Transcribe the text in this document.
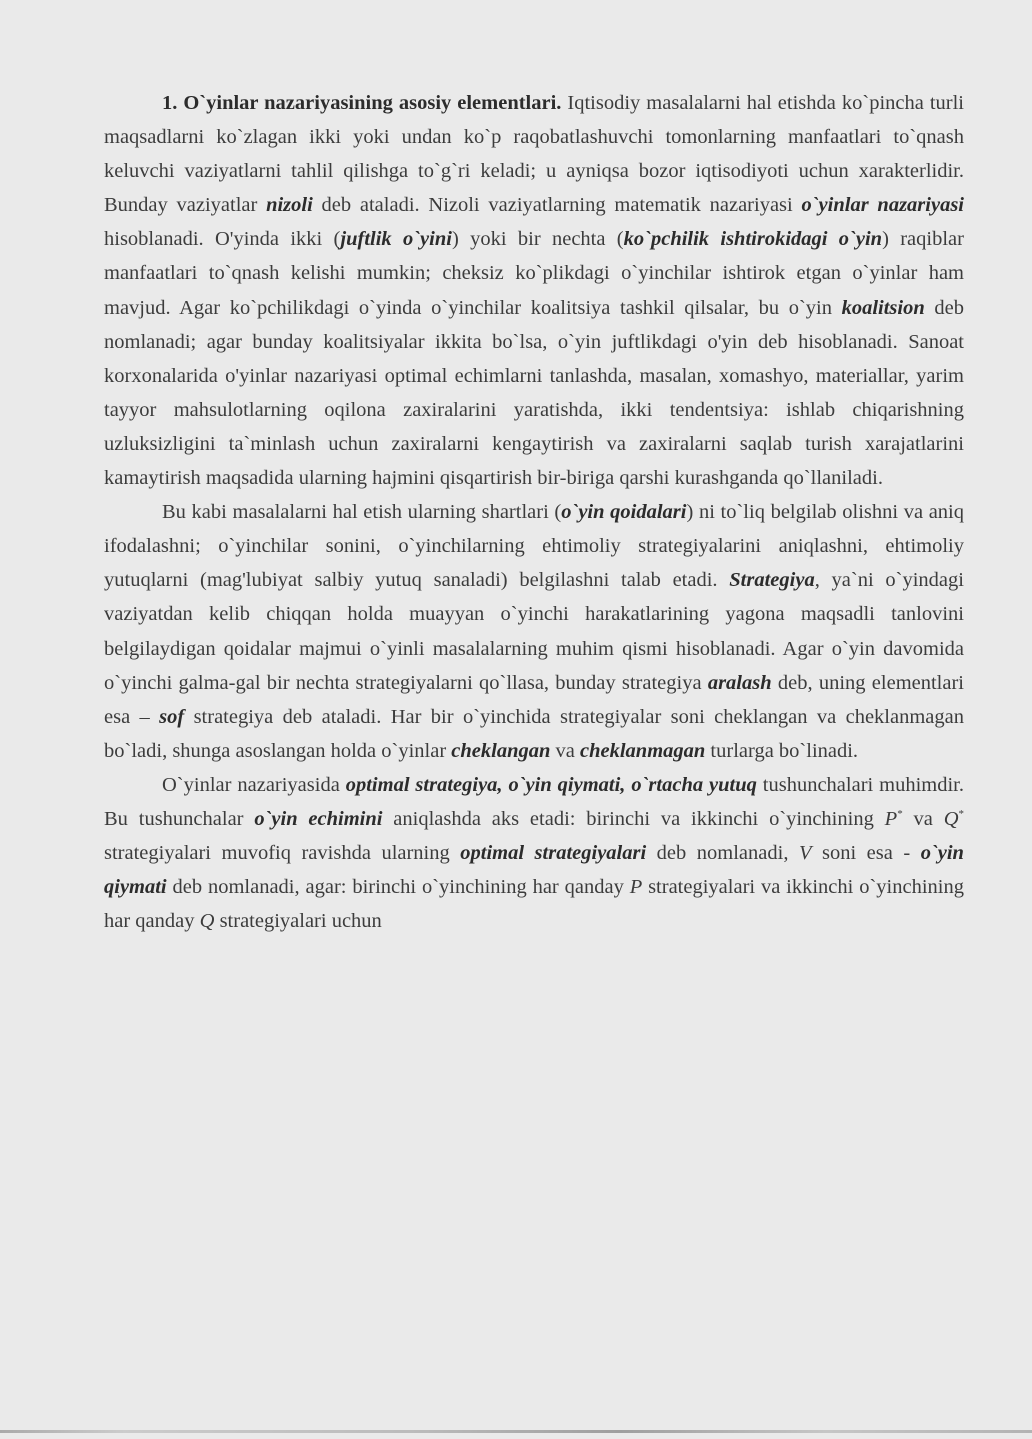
1. O`yinlar nazariyasining asosiy elementlari. Iqtisodiy masalalarni hal etishda ko`pincha turli maqsadlarni ko`zlagan ikki yoki undan ko`p raqobatlashuvchi tomonlarning manfaatlari to`qnash keluvchi vaziyatlarni tahlil qilishga to`g`ri keladi; u ayniqsa bozor iqtisodiyoti uchun xarakterlidir. Bunday vaziyatlar nizoli deb ataladi. Nizoli vaziyatlarning matematik nazariyasi o`yinlar nazariyasi hisoblanadi. O'yinda ikki (juftlik o`yini) yoki bir nechta (ko`pchilik ishtirokidagi o`yin) raqiblar manfaatlari to`qnash kelishi mumkin; cheksiz ko`plikdagi o`yinchilar ishtirok etgan o`yinlar ham mavjud. Agar ko`pchilikdagi o`yinda o`yinchilar koalitsiya tashkil qilsalar, bu o`yin koalitsion deb nomlanadi; agar bunday koalitsiyalar ikkita bo`lsa, o`yin juftlikdagi o'yin deb hisoblanadi. Sanoat korxonalarida o'yinlar nazariyasi optimal echimlarni tanlashda, masalan, xomashyo, materiallar, yarim tayyor mahsulotlarning oqilona zaxiralarini yaratishda, ikki tendentsiya: ishlab chiqarishning uzluksizligini ta`minlash uchun zaxiralarni kengaytirish va zaxiralarni saqlab turish xarajatlarini kamaytirish maqsadida ularning hajmini qisqartirish bir-biriga qarshi kurashganda qo`llaniladi.

Bu kabi masalalarni hal etish ularning shartlari (o`yin qoidalari) ni to`liq belgilab olishni va aniq ifodalashni; o`yinchilar sonini, o`yinchilarning ehtimoliy strategiyalarini aniqlashni, ehtimoliy yutuqlarni (mag'lubiyat salbiy yutuq sanaladi) belgilashni talab etadi. Strategiya, ya`ni o`yindagi vaziyatdan kelib chiqqan holda muayyan o`yinchi harakatlarining yagona maqsadli tanlovini belgilaydigan qoidalar majmui o`yinli masalalarning muhim qismi hisoblanadi. Agar o`yin davomida o`yinchi galma-gal bir nechta strategiyalarni qo`llasa, bunday strategiya aralash deb, uning elementlari esa – sof strategiya deb ataladi. Har bir o`yinchida strategiyalar soni cheklangan va cheklanmagan bo`ladi, shunga asoslangan holda o`yinlar cheklangan va cheklanmagan turlarga bo`linadi.

O`yinlar nazariyasida optimal strategiya, o`yin qiymati, o`rtacha yutuq tushunchalari muhimdir. Bu tushunchalar o`yin echimini aniqlashda aks etadi: birinchi va ikkinchi o`yinchining P* va Q* strategiyalari muvofiq ravishda ularning optimal strategiyalari deb nomlanadi, V soni esa - o`yin qiymati deb nomlanadi, agar: birinchi o`yinchining har qanday P strategiyalari va ikkinchi o`yinchining har qanday Q strategiyalari uchun
